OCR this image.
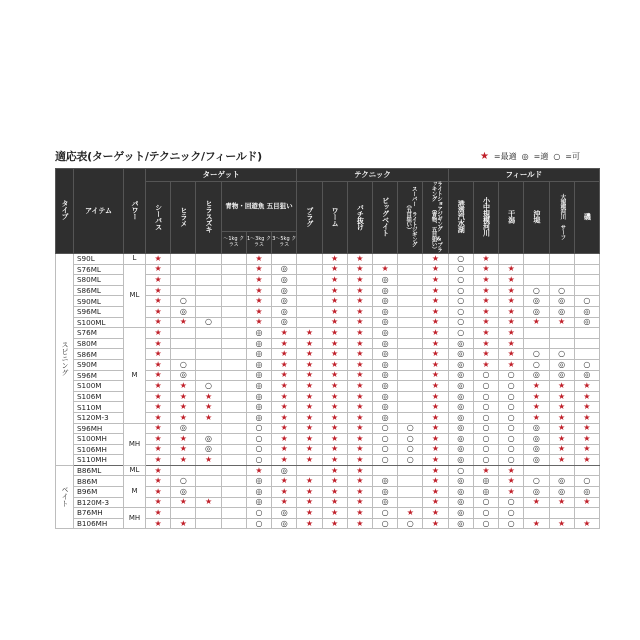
適応表(ターゲット/テクニック/フィールド)	★ =最適 ◎ =適 ○ =可
タイプ	アイテム	パワー	ターゲット						テクニック						フィールド					
			シーバス	ヒラメ	ヒラスズキ	青物・回遊魚 五目狙い			プラグ	ワーム	バチ抜け	ビッグベイト	スーパー ライトジギング （五目狙い）	ライトショアジギング &プラッキング （青物、五目狙い）	港湾汽水湖	小中規模河川	干潟	沖堤	大規模河川 サーフ	磯
						～1kg クラス	1～3kg クラス	3～5kg クラス												
スピニング	S90L	L	★				★			★	★			★	○	★				
	S76ML	ML	★				★	◎		★	★	★		★	○	★	★			
	S80ML		★				★	◎		★	★	◎		★	○	★	★			
	S86ML		★				★	◎		★	★	◎		★	○	★	★	○	○	
	S90ML		★	○			★	◎		★	★	◎		★	○	★	★	◎	◎	○
	S96ML		★	◎			★	◎		★	★	◎		★	○	★	★	◎	◎	◎
	S100ML		★	★	○		★	◎		★	★	◎		★	○	★	★	★	★	◎
	S76M	M	★				◎	★	★	★	★	◎		★	○	★	★			
	S80M		★				◎	★	★	★	★	◎		★	◎	★	★			
	S86M		★				◎	★	★	★	★	◎		★	◎	★	★	○	○	
	S90M		★	○			◎	★	★	★	★	◎		★	◎	★	★	○	◎	○
	S96M		★	◎			◎	★	★	★	★	◎		★	◎	○	○	◎	◎	◎
	S100M		★	★	○		◎	★	★	★	★	◎		★	◎	○	○	★	★	★
	S106M		★	★	★		◎	★	★	★	★	◎		★	◎	○	○	★	★	★
	S110M		★	★	★		◎	★	★	★	★	◎		★	◎	○	○	★	★	★
	S120M-3		★	★	★		◎	★	★	★	★	◎		★	◎	○	○	★	★	★
	S96MH	MH	★	◎			○	★	★	★	★	○	○	★	◎	○	○	◎	★	★
	S100MH		★	★	◎		○	★	★	★	★	○	○	★	◎	○	○	◎	★	★
	S106MH		★	★	◎		○	★	★	★	★	○	○	★	◎	○	○	◎	★	★
	S110MH		★	★	★		○	★	★	★	★	○	○	★	◎	○	○	◎	★	★
ベイト	B86ML	ML	★				★	◎		★	★			★	○	★	★			
	B86M	M	★	○			◎	★	★	★	★	◎		★	◎	◎	★	○	◎	○
	B96M		★	◎			◎	★	★	★	★	◎		★	◎	◎	★	◎	◎	◎
	B120M-3		★	★	★		◎	★	★	★	★	◎		★	◎	○	○	★	★	★
	B76MH	MH	★				○	◎	★	★	★	○	★	★	◎	○	○			
	B106MH		★	★			○	◎	★	★	★	○	○	★	◎	○	○	★	★	★
